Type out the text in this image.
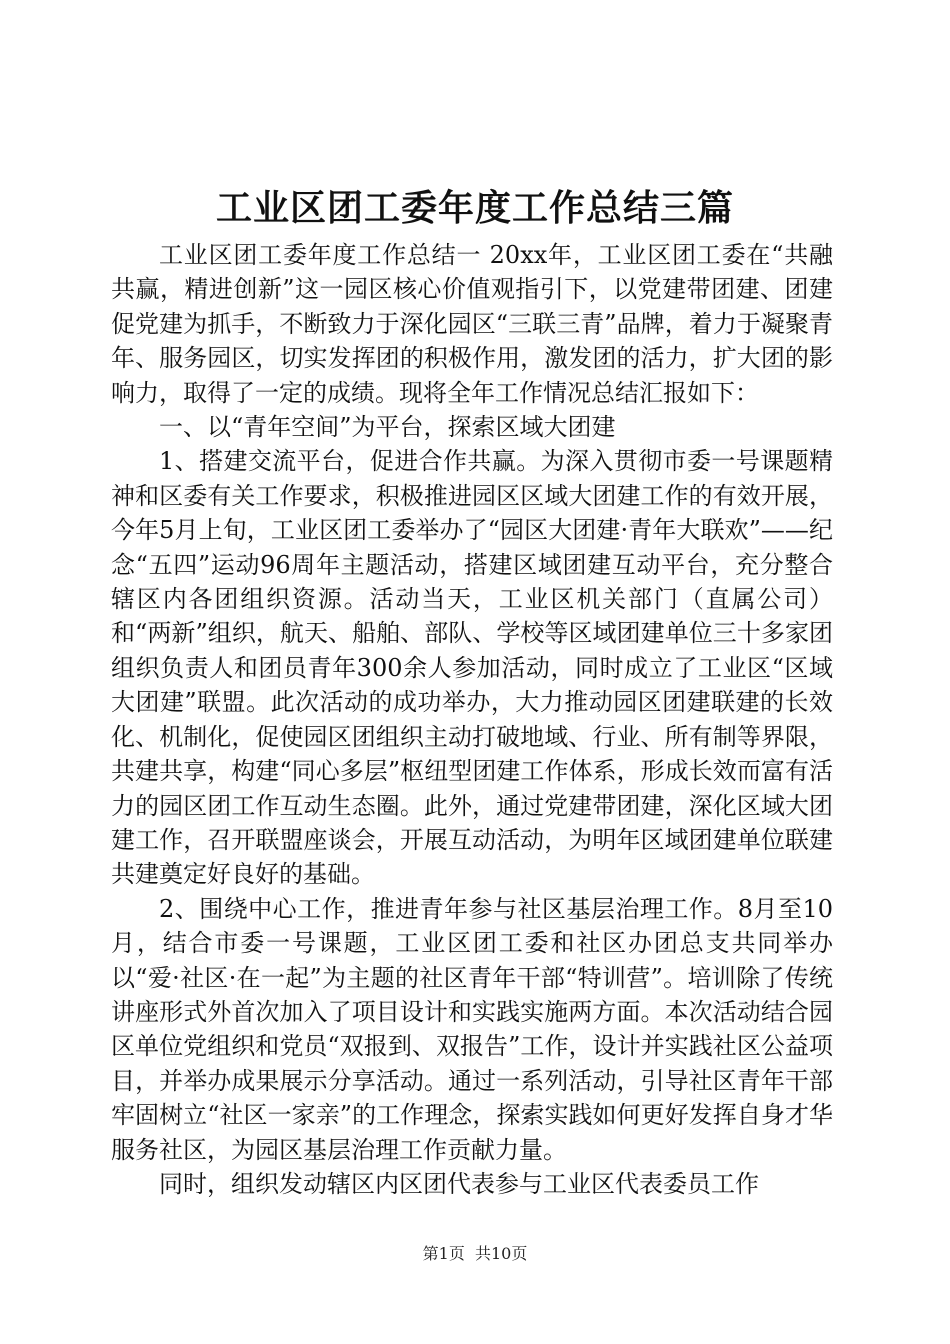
工业区团工委年度工作总结三篇

工业区团工委年度工作总结一 20xx年，工业区团工委在“共融共赢，精进创新”这一园区核心价值观指引下，以党建带团建、团建促党建为抓手，不断致力于深化园区“三联三青”品牌，着力于凝聚青年、服务园区，切实发挥团的积极作用，激发团的活力，扩大团的影响力，取得了一定的成绩。现将全年工作情况总结汇报如下：

一、以“青年空间”为平台，探索区域大团建

1、搭建交流平台，促进合作共赢。为深入贯彻市委一号课题精神和区委有关工作要求，积极推进园区区域大团建工作的有效开展，今年5月上旬，工业区团工委举办了“园区大团建·青年大联欢”——纪念“五四”运动96周年主题活动，搭建区域团建互动平台，充分整合辖区内各团组织资源。活动当天，工业区机关部门（直属公司）和“两新”组织，航天、船舶、部队、学校等区域团建单位三十多家团组织负责人和团员青年300余人参加活动，同时成立了工业区“区域大团建”联盟。此次活动的成功举办，大力推动园区团建联建的长效化、机制化，促使园区团组织主动打破地域、行业、所有制等界限，共建共享，构建“同心多层”枢纽型团建工作体系，形成长效而富有活力的园区团工作互动生态圈。此外，通过党建带团建，深化区域大团建工作，召开联盟座谈会，开展互动活动，为明年区域团建单位联建共建奠定好良好的基础。

2、围绕中心工作，推进青年参与社区基层治理工作。8月至10月，结合市委一号课题，工业区团工委和社区办团总支共同举办以“爱·社区·在一起”为主题的社区青年干部“特训营”。培训除了传统讲座形式外首次加入了项目设计和实践实施两方面。本次活动结合园区单位党组织和党员“双报到、双报告”工作，设计并实践社区公益项目，并举办成果展示分享活动。通过一系列活动，引导社区青年干部牢固树立“社区一家亲”的工作理念，探索实践如何更好发挥自身才华服务社区，为园区基层治理工作贡献力量。

同时，组织发动辖区内区团代表参与工业区代表委员工作

第1页  共10页
